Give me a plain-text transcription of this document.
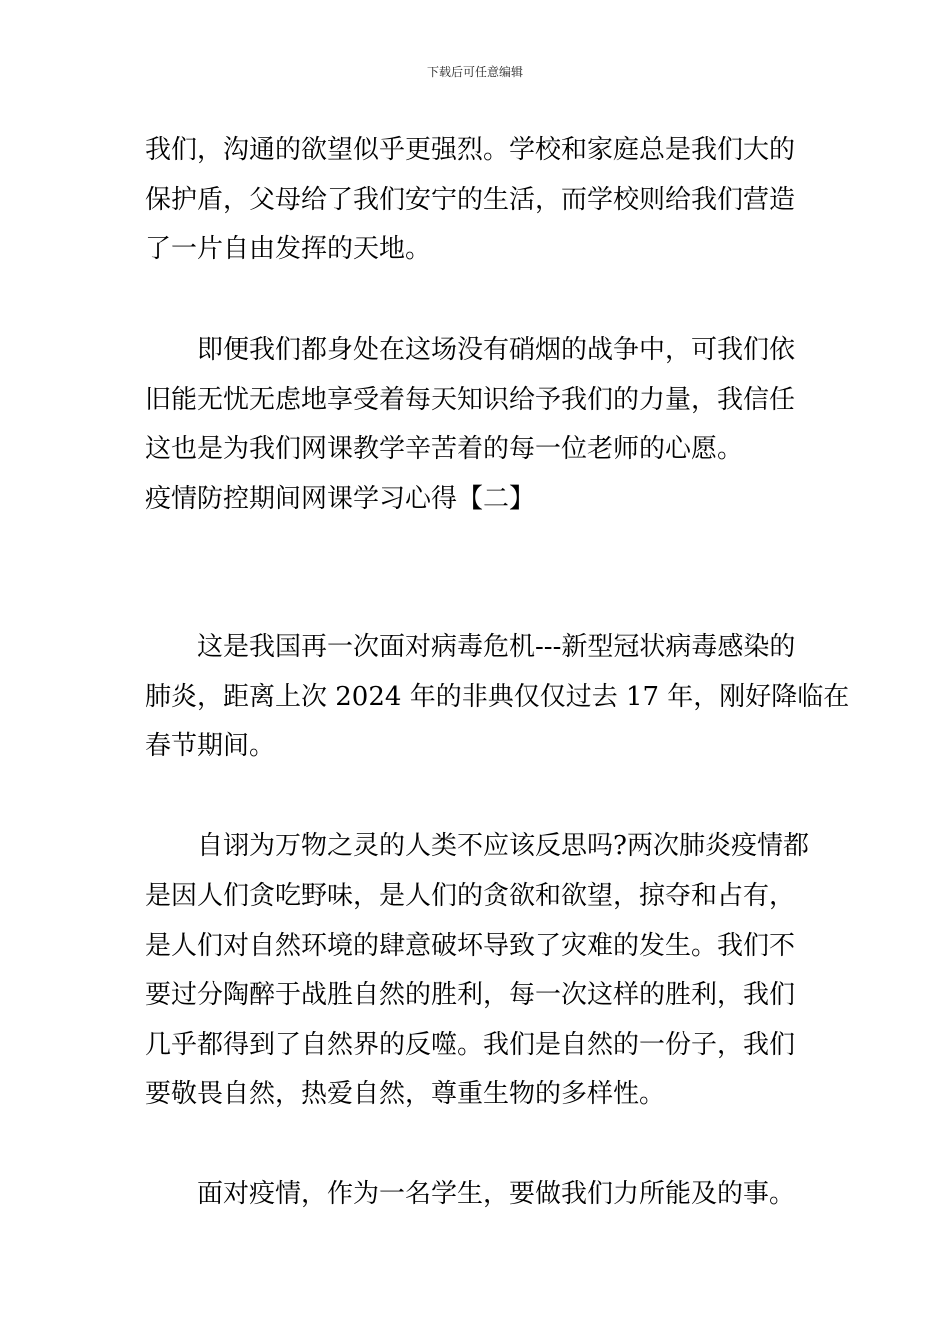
下载后可任意编辑
我们，沟通的欲望似乎更强烈。学校和家庭总是我们大的
保护盾，父母给了我们安宁的生活，而学校则给我们营造
了一片自由发挥的天地。
即便我们都身处在这场没有硝烟的战争中，可我们依
旧能无忧无虑地享受着每天知识给予我们的力量，我信任
这也是为我们网课教学辛苦着的每一位老师的心愿。
疫情防控期间网课学习心得【二】
这是我国再一次面对病毒危机---新型冠状病毒感染的
肺炎，距离上次 2024 年的非典仅仅过去 17 年，刚好降临在
春节期间。
自诩为万物之灵的人类不应该反思吗?两次肺炎疫情都
是因人们贪吃野味，是人们的贪欲和欲望，掠夺和占有，
是人们对自然环境的肆意破坏导致了灾难的发生。我们不
要过分陶醉于战胜自然的胜利，每一次这样的胜利，我们
几乎都得到了自然界的反噬。我们是自然的一份子，我们
要敬畏自然，热爱自然，尊重生物的多样性。
面对疫情，作为一名学生，要做我们力所能及的事。
